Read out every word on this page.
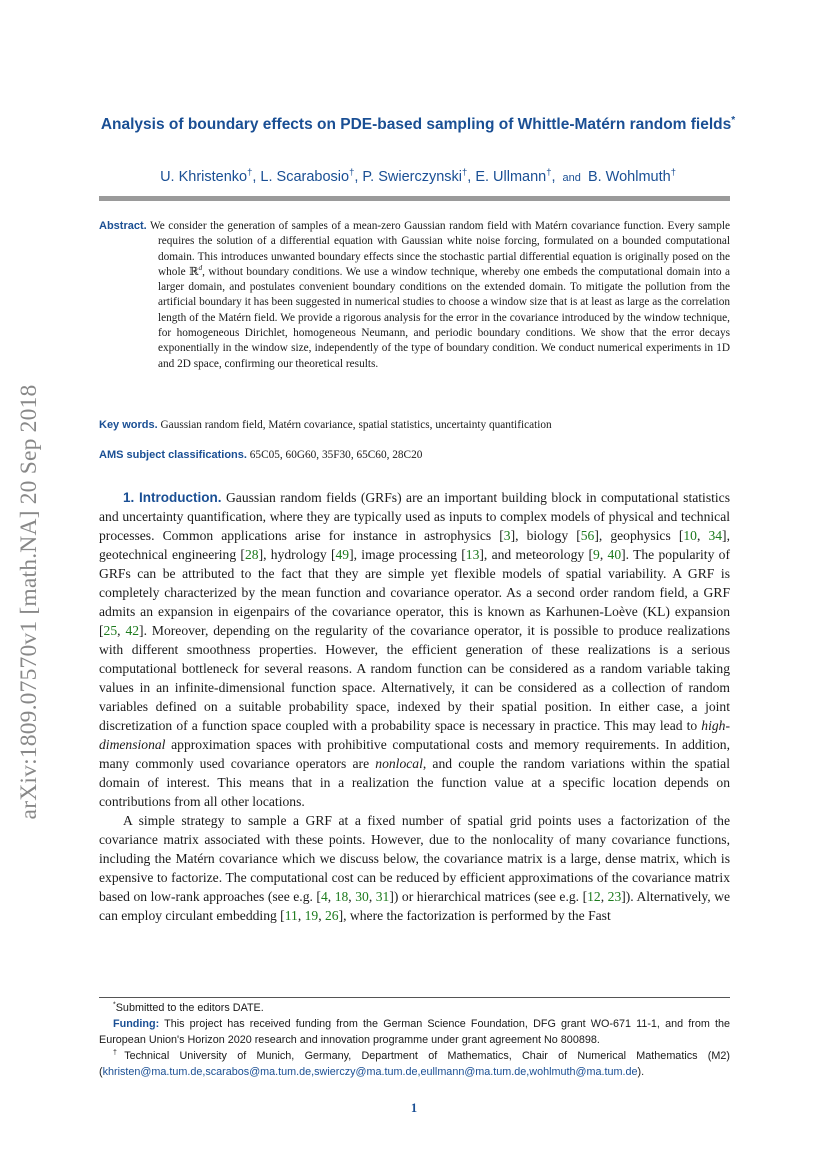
arXiv:1809.07570v1 [math.NA] 20 Sep 2018
Analysis of boundary effects on PDE-based sampling of Whittle-Matérn random fields*
U. Khristenko†, L. Scarabosio†, P. Swierczynski†, E. Ullmann†, and B. Wohlmuth†
Abstract. We consider the generation of samples of a mean-zero Gaussian random field with Matérn covariance function. Every sample requires the solution of a differential equation with Gaussian white noise forcing, formulated on a bounded computational domain. This introduces unwanted boundary effects since the stochastic partial differential equation is originally posed on the whole ℝ$^d$, without boundary conditions. We use a window technique, whereby one embeds the computational domain into a larger domain, and postulates convenient boundary conditions on the extended domain. To mitigate the pollution from the artificial boundary it has been suggested in numerical studies to choose a window size that is at least as large as the correlation length of the Matérn field. We provide a rigorous analysis for the error in the covariance introduced by the window technique, for homogeneous Dirichlet, homogeneous Neumann, and periodic boundary conditions. We show that the error decays exponentially in the window size, independently of the type of boundary condition. We conduct numerical experiments in 1D and 2D space, confirming our theoretical results.
Key words. Gaussian random field, Matérn covariance, spatial statistics, uncertainty quantification
AMS subject classifications. 65C05, 60G60, 35F30, 65C60, 28C20

1. Introduction. Gaussian random fields (GRFs) are an important building block in computational statistics and uncertainty quantification, where they are typically used as inputs to complex models of physical and technical processes. Common applications arise for instance in astrophysics [3], biology [56], geophysics [10, 34], geotechnical engineering [28], hydrology [49], image processing [13], and meteorology [9, 40]. The popularity of GRFs can be attributed to the fact that they are simple yet flexible models of spatial variability. A GRF is completely characterized by the mean function and covariance operator. As a second order random field, a GRF admits an expansion in eigenpairs of the covariance operator, this is known as Karhunen-Loève (KL) expansion [25, 42]. Moreover, depending on the regularity of the covariance operator, it is possible to produce realizations with different smoothness properties. However, the efficient generation of these realizations is a serious computational bottleneck for several reasons. A random function can be considered as a random variable taking values in an infinite-dimensional function space. Alternatively, it can be considered as a collection of random variables defined on a suitable probability space, indexed by their spatial position. In either case, a joint discretization of a function space coupled with a probability space is necessary in practice. This may lead to high-dimensional approximation spaces with prohibitive computational costs and memory requirements. In addition, many commonly used covariance operators are nonlocal, and couple the random variations within the spatial domain of interest. This means that in a realization the function value at a specific location depends on contributions from all other locations.

A simple strategy to sample a GRF at a fixed number of spatial grid points uses a factorization of the covariance matrix associated with these points. However, due to the nonlocality of many covariance functions, including the Matérn covariance which we discuss below, the covariance matrix is a large, dense matrix, which is expensive to factorize. The computational cost can be reduced by efficient approximations of the covariance matrix based on low-rank approaches (see e.g. [4, 18, 30, 31]) or hierarchical matrices (see e.g. [12, 23]). Alternatively, we can employ circulant embedding [11, 19, 26], where the factorization is performed by the Fast

*Submitted to the editors DATE.

Funding: This project has received funding from the German Science Foundation, DFG grant WO-671 11-1, and from the European Union's Horizon 2020 research and innovation programme under grant agreement No 800898.

†Technical University of Munich, Germany, Department of Mathematics, Chair of Numerical Mathematics (M2) (khristen@ma.tum.de,scarabos@ma.tum.de,swierczy@ma.tum.de,eullmann@ma.tum.de,wohlmuth@ma.tum.de).

1
